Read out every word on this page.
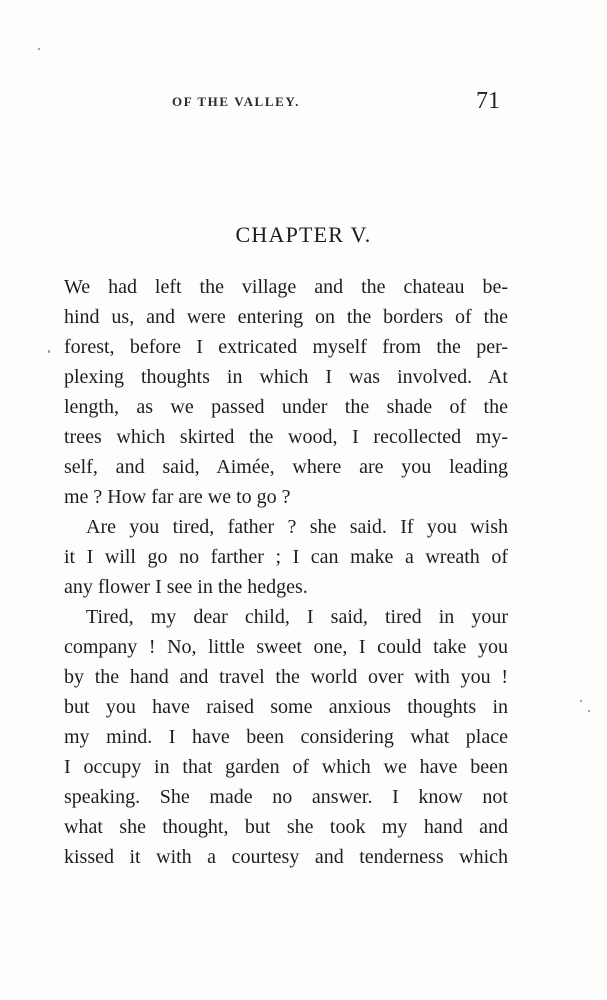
OF THE VALLEY.	71
CHAPTER V.
We had left the village and the chateau be-
hind us, and were entering on the borders of the
forest, before I extricated myself from the per-
plexing thoughts in which I was involved. At
length, as we passed under the shade of the
trees which skirted the wood, I recollected my-
self, and said, Aimée, where are you leading
me ? How far are we to go ?
Are you tired, father ? she said. If you wish
it I will go no farther ; I can make a wreath of
any flower I see in the hedges.
Tired, my dear child, I said, tired in your
company ! No, little sweet one, I could take you
by the hand and travel the world over with you !
but you have raised some anxious thoughts in
my mind. I have been considering what place
I occupy in that garden of which we have been
speaking. She made no answer. I know not
what she thought, but she took my hand and
kissed it with a courtesy and tenderness which
